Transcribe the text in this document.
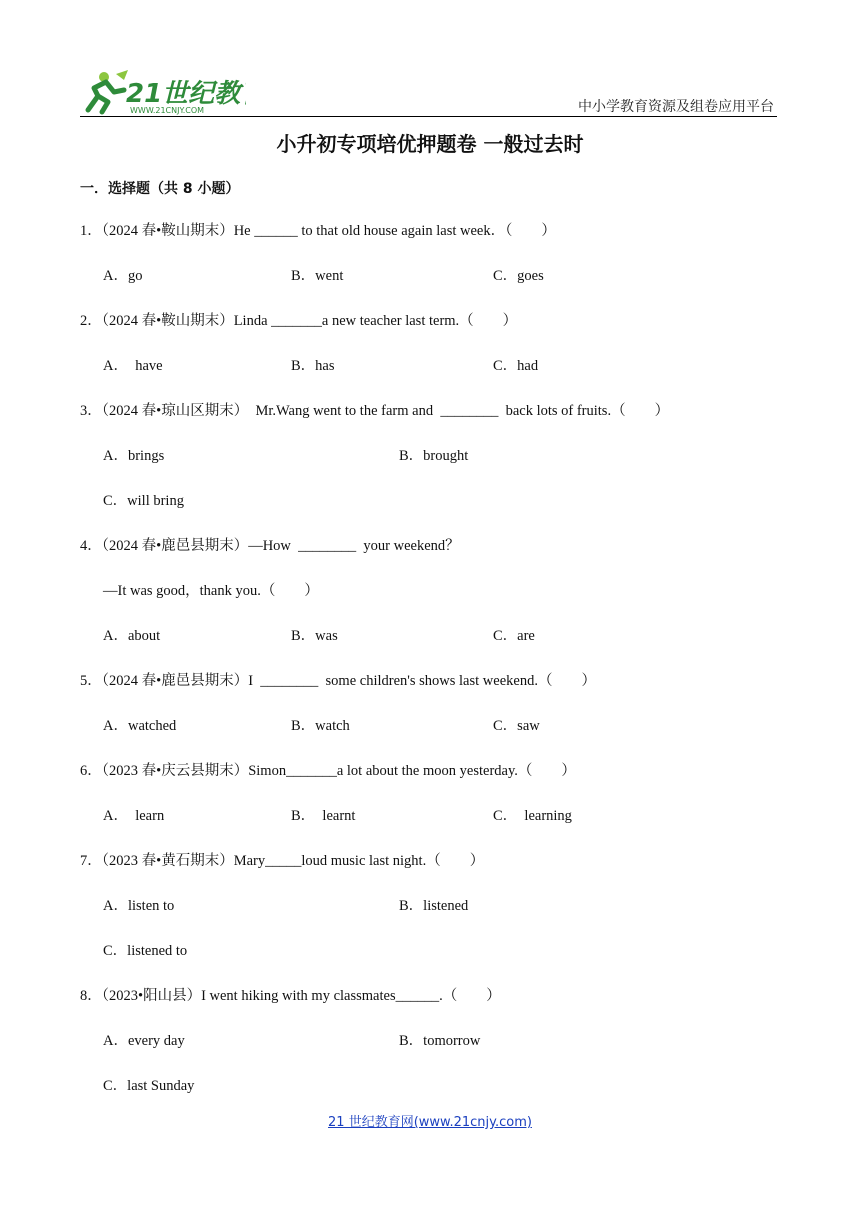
21世纪教
WWW.21CNJY.COM	中小学教育资源及组卷应用平台
小升初专项培优押题卷 一般过去时
一．选择题（共 8 小题）
1．（2024 春•鞍山期末）He ______ to that old house again last week．（　　）
A．go	B．went	C．goes
2．（2024 春•鞍山期末）Linda _______a new teacher last term.（　　）
A．  have	B．has	C．had
3．（2024 春•琼山区期末）  Mr.Wang went to the farm and  ________  back lots of fruits.（　　）
A．brings	B．brought
C．will bring
4．（2024 春•鹿邑县期末）—How  ________  your weekend？
—It was good，thank you.（　　）
A．about	B．was	C．are
5．（2024 春•鹿邑县期末）I  ________  some children's shows last weekend.（　　）
A．watched	B．watch	C．saw
6．（2023 春•庆云县期末）Simon_______a lot about the moon yesterday.（　　）
A．  learn	B．  learnt	C．  learning
7．（2023 春•黄石期末）Mary_____loud music last night.（　　）
A．listen to	B．listened
C．listened to
8．（2023•阳山县）I went hiking with my classmates______.（　　）
A．every day	B．tomorrow
C．last Sunday
21 世纪教育网(www.21cnjy.com)
